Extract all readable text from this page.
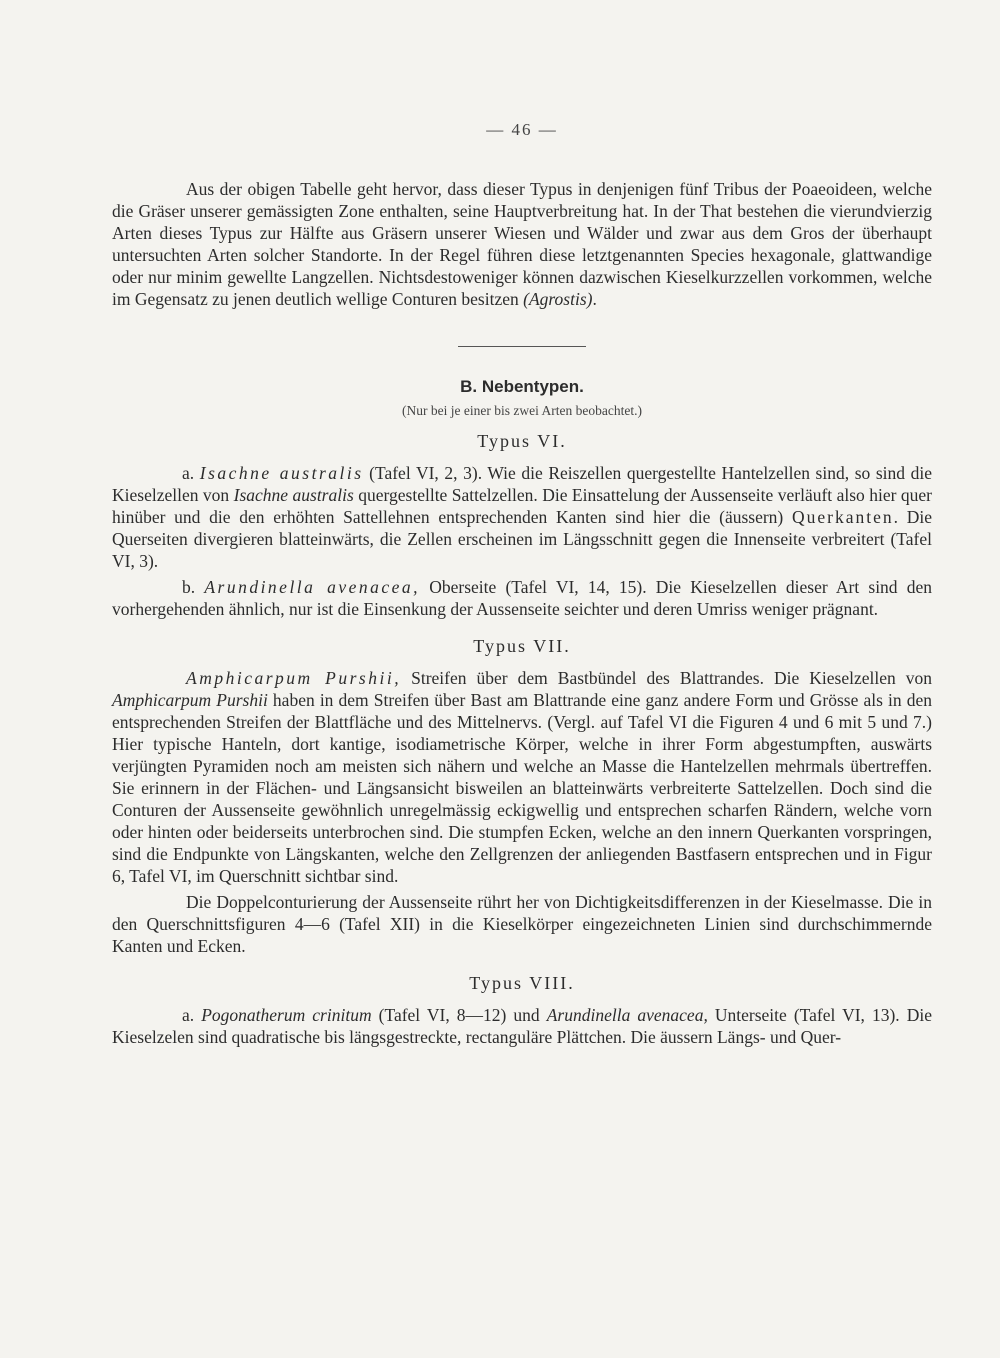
— 46 —

Aus der obigen Tabelle geht hervor, dass dieser Typus in denjenigen fünf Tribus der Poaeoideen, welche die Gräser unserer gemässigten Zone enthalten, seine Hauptverbreitung hat. In der That bestehen die vierundvierzig Arten dieses Typus zur Hälfte aus Gräsern unserer Wiesen und Wälder und zwar aus dem Gros der überhaupt untersuchten Arten solcher Standorte. In der Regel führen diese letztgenannten Species hexagonale, glattwandige oder nur minim gewellte Langzellen. Nichtsdestoweniger können dazwischen Kieselkurzzellen vorkommen, welche im Gegensatz zu jenen deutlich wellige Conturen besitzen (Agrostis).

B. Nebentypen.

(Nur bei je einer bis zwei Arten beobachtet.)

Typus VI.

a. Isachne australis (Tafel VI, 2, 3). Wie die Reiszellen quergestellte Hantelzellen sind, so sind die Kieselzellen von Isachne australis quergestellte Sattelzellen. Die Einsattelung der Aussenseite verläuft also hier quer hinüber und die den erhöhten Sattellehnen entsprechenden Kanten sind hier die (äussern) Querkanten. Die Querseiten divergieren blatteinwärts, die Zellen erscheinen im Längsschnitt gegen die Innenseite verbreitert (Tafel VI, 3).

b. Arundinella avenacea, Oberseite (Tafel VI, 14, 15). Die Kieselzellen dieser Art sind den vorhergehenden ähnlich, nur ist die Einsenkung der Aussenseite seichter und deren Umriss weniger prägnant.

Typus VII.

Amphicarpum Purshii, Streifen über dem Bastbündel des Blattrandes. Die Kieselzellen von Amphicarpum Purshii haben in dem Streifen über Bast am Blattrande eine ganz andere Form und Grösse als in den entsprechenden Streifen der Blattfläche und des Mittelnervs. (Vergl. auf Tafel VI die Figuren 4 und 6 mit 5 und 7.) Hier typische Hanteln, dort kantige, isodiametrische Körper, welche in ihrer Form abgestumpften, auswärts verjüngten Pyramiden noch am meisten sich nähern und welche an Masse die Hantelzellen mehrmals übertreffen. Sie erinnern in der Flächen- und Längsansicht bisweilen an blatteinwärts verbreiterte Sattelzellen. Doch sind die Conturen der Aussenseite gewöhnlich unregelmässig eckigwellig und entsprechen scharfen Rändern, welche vorn oder hinten oder beiderseits unterbrochen sind. Die stumpfen Ecken, welche an den innern Querkanten vorspringen, sind die Endpunkte von Längskanten, welche den Zellgrenzen der anliegenden Bastfasern entsprechen und in Figur 6, Tafel VI, im Querschnitt sichtbar sind.

Die Doppelconturierung der Aussenseite rührt her von Dichtigkeitsdifferenzen in der Kieselmasse. Die in den Querschnittsfiguren 4—6 (Tafel XII) in die Kieselkörper eingezeichneten Linien sind durchschimmernde Kanten und Ecken.

Typus VIII.

a. Pogonatherum crinitum (Tafel VI, 8—12) und Arundinella avenacea, Unterseite (Tafel VI, 13). Die Kieselzelen sind quadratische bis längsgestreckte, rectanguläre Plättchen. Die äussern Längs- und Quer-
